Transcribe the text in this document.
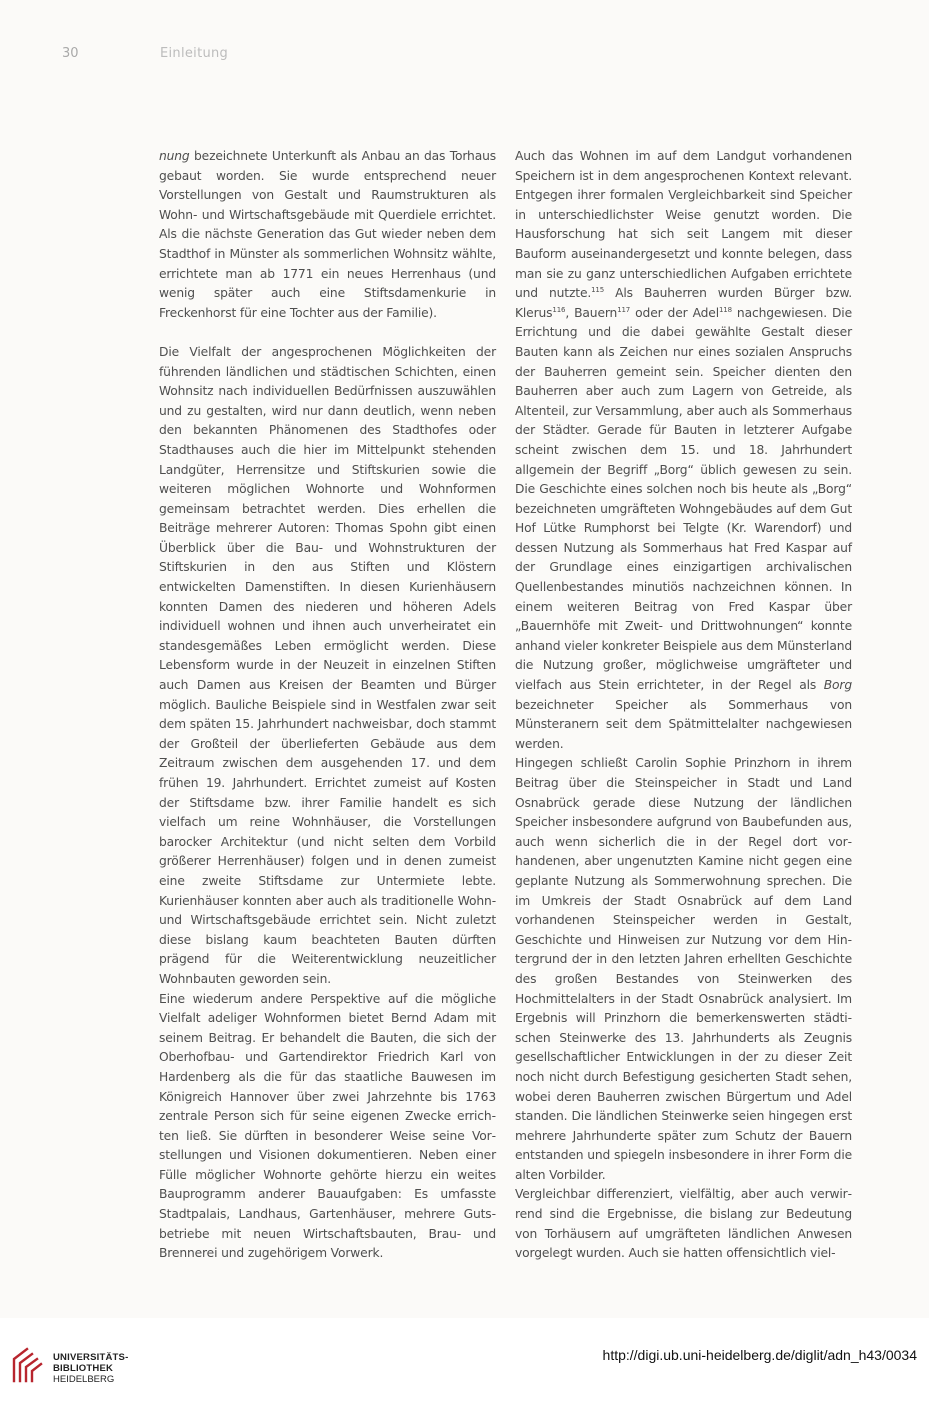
30	Einleitung

nung bezeichnete Unterkunft als Anbau an das Torhaus gebaut worden. Sie wurde entsprechend neuer Vorstellungen von Gestalt und Raumstrukturen als Wohn- und Wirtschaftsgebäude mit Querdiele errichtet. Als die nächste Generation das Gut wieder neben dem Stadthof in Münster als sommerlichen Wohnsitz wählte, errichtete man ab 1771 ein neues Herrenhaus (und wenig später auch eine Stiftsdamenkurie in Freckenhorst für eine Tochter aus der Familie).

Die Vielfalt der angesprochenen Möglichkeiten der führenden ländlichen und städtischen Schichten, einen Wohnsitz nach individuellen Bedürfnissen auszuwählen und zu gestalten, wird nur dann deutlich, wenn neben den bekannten Phänomenen des Stadthofes oder Stadthauses auch die hier im Mittelpunkt stehenden Landgüter, Herrensitze und Stiftskurien sowie die weiteren möglichen Wohnorte und Wohnformen gemeinsam betrachtet werden. Dies erhellen die Beiträge mehrerer Autoren: Thomas Spohn gibt einen Überblick über die Bau- und Wohnstrukturen der Stiftskurien in den aus Stiften und Klöstern entwickelten Damenstiften. In diesen Kurienhäusern konnten Damen des niederen und höheren Adels individuell wohnen und ihnen auch unverheiratet ein standesgemäßes Leben ermöglicht werden. Diese Lebensform wurde in der Neuzeit in einzelnen Stiften auch Damen aus Kreisen der Beamten und Bürger möglich. Bauliche Beispiele sind in Westfalen zwar seit dem späten 15. Jahrhundert nachweisbar, doch stammt der Großteil der überlieferten Gebäude aus dem Zeitraum zwischen dem ausgehenden 17. und dem frühen 19. Jahrhundert. Errichtet zumeist auf Kosten der Stiftsdame bzw. ihrer Familie handelt es sich vielfach um reine Wohnhäuser, die Vorstellungen barocker Architektur (und nicht selten dem Vorbild größerer Herrenhäuser) folgen und in denen zumeist eine zweite Stiftsdame zur Untermiete lebte. Kurienhäuser konnten aber auch als traditionelle Wohn- und Wirtschaftsgebäude errichtet sein. Nicht zuletzt diese bislang kaum beachteten Bauten dürften prägend für die Weiterentwicklung neuzeitlicher Wohnbauten geworden sein.

Eine wiederum andere Perspektive auf die mögliche Vielfalt adeliger Wohnformen bietet Bernd Adam mit seinem Beitrag. Er behandelt die Bauten, die sich der Oberhofbau- und Gartendirektor Friedrich Karl von Hardenberg als die für das staatliche Bauwesen im Königreich Hannover über zwei Jahrzehnte bis 1763 zentrale Person sich für seine eigenen Zwecke errichten ließ. Sie dürften in besonderer Weise seine Vorstellungen und Visionen dokumentieren. Neben einer Fülle möglicher Wohnorte gehörte hierzu ein weites Bauprogramm anderer Bauaufgaben: Es umfasste Stadtpalais, Landhaus, Gartenhäuser, mehrere Gutsbetriebe mit neuen Wirtschaftsbauten, Brau- und Brennerei und zugehörigem Vorwerk.

Auch das Wohnen im auf dem Landgut vorhandenen Speichern ist in dem angesprochenen Kontext relevant. Entgegen ihrer formalen Vergleichbarkeit sind Speicher in unterschiedlichster Weise genutzt worden. Die Hausforschung hat sich seit Langem mit dieser Bauform auseinandergesetzt und konnte belegen, dass man sie zu ganz unterschiedlichen Aufgaben errichtete und nutzte.$^{115}$ Als Bauherren wurden Bürger bzw. Klerus$^{116}$, Bauern$^{117}$ oder der Adel$^{118}$ nachgewiesen. Die Errichtung und die dabei gewählte Gestalt dieser Bauten kann als Zeichen nur eines sozialen Anspruchs der Bauherren gemeint sein. Speicher dienten den Bauherren aber auch zum Lagern von Getreide, als Altenteil, zur Versammlung, aber auch als Sommerhaus der Städter. Gerade für Bauten in letzterer Aufgabe scheint zwischen dem 15. und 18. Jahrhundert allgemein der Begriff „Borg“ üblich gewesen zu sein. Die Geschichte eines solchen noch bis heute als „Borg“ bezeichneten umgräfteten Wohngebäudes auf dem Gut Hof Lütke Rumphorst bei Telgte (Kr. Warendorf) und dessen Nutzung als Sommerhaus hat Fred Kaspar auf der Grundlage eines einzigartigen archivalischen Quellenbestandes minutiös nachzeichnen können. In einem weiteren Beitrag von Fred Kaspar über „Bauernhöfe mit Zweit- und Drittwohnungen“ konnte anhand vieler konkreter Beispiele aus dem Münsterland die Nutzung großer, möglichweise umgräfteter und vielfach aus Stein errichteter, in der Regel als Borg bezeichneter Speicher als Sommerhaus von Münsteranern seit dem Spätmittelalter nachgewiesen werden.

Hingegen schließt Carolin Sophie Prinzhorn in ihrem Beitrag über die Steinspeicher in Stadt und Land Osnabrück gerade diese Nutzung der ländlichen Speicher insbesondere aufgrund von Baubefunden aus, auch wenn sicherlich die in der Regel dort vorhandenen, aber ungenutzten Kamine nicht gegen eine geplante Nutzung als Sommerwohnung sprechen. Die im Umkreis der Stadt Osnabrück auf dem Land vorhandenen Steinspeicher werden in Gestalt, Geschichte und Hinweisen zur Nutzung vor dem Hintergrund der in den letzten Jahren erhellten Geschichte des großen Bestandes von Steinwerken des Hochmittelalters in der Stadt Osnabrück analysiert. Im Ergebnis will Prinzhorn die bemerkenswerten städtischen Steinwerke des 13. Jahrhunderts als Zeugnis gesellschaftlicher Entwicklungen in der zu dieser Zeit noch nicht durch Befestigung gesicherten Stadt sehen, wobei deren Bauherren zwischen Bürgertum und Adel standen. Die ländlichen Steinwerke seien hingegen erst mehrere Jahrhunderte später zum Schutz der Bauern entstanden und spiegeln insbesondere in ihrer Form die alten Vorbilder.

Vergleichbar differenziert, vielfältig, aber auch verwirrend sind die Ergebnisse, die bislang zur Bedeutung von Torhäusern auf umgräfteten ländlichen Anwesen vorgelegt wurden. Auch sie hatten offensichtlich viel-

UNIVERSITÄTS-
BIBLIOTHEK
HEIDELBERG
http://digi.ub.uni-heidelberg.de/diglit/adn_h43/0034
